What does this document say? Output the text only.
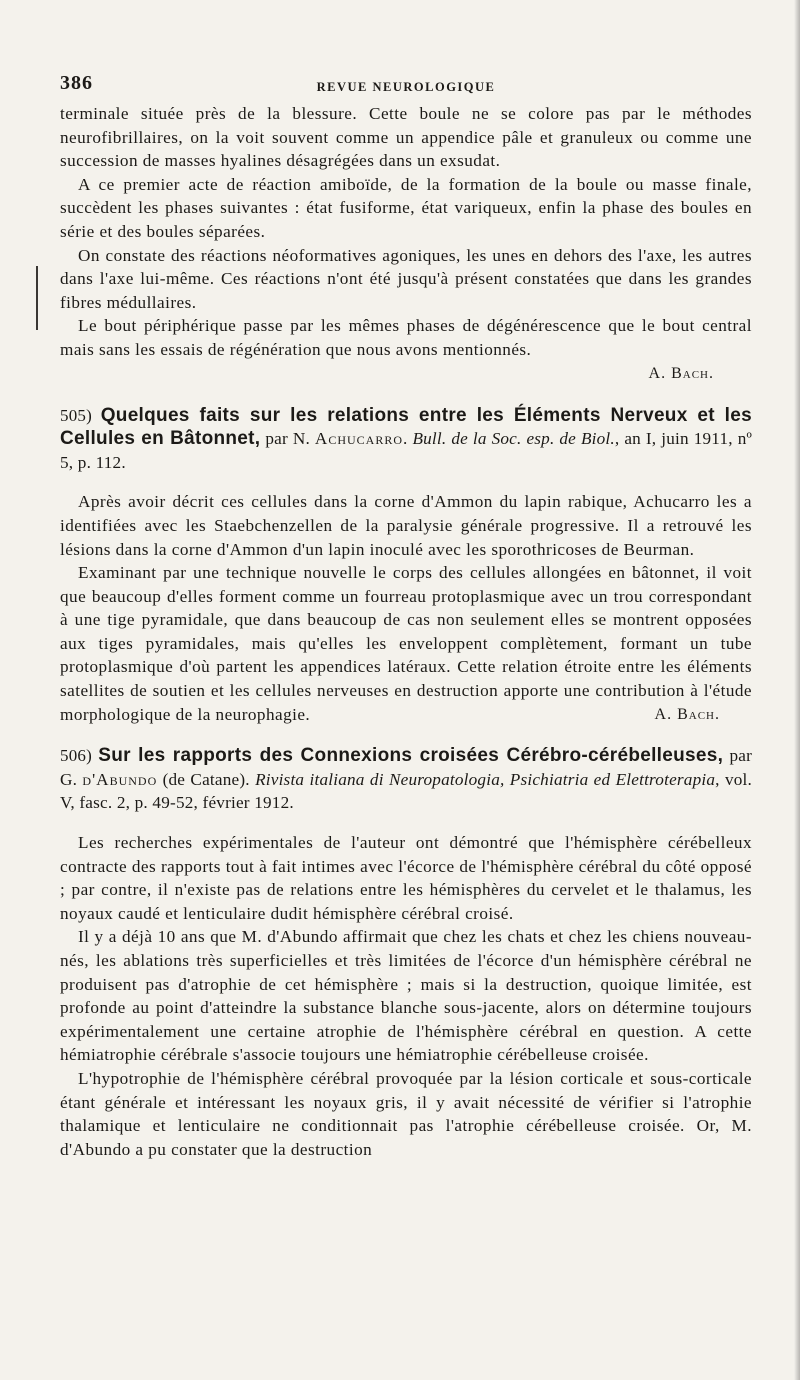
386	REVUE NEUROLOGIQUE

terminale située près de la blessure. Cette boule ne se colore pas par le méthodes neurofibrillaires, on la voit souvent comme un appendice pâle et granuleux ou comme une succession de masses hyalines désagrégées dans un exsudat.

A ce premier acte de réaction amiboïde, de la formation de la boule ou masse finale, succèdent les phases suivantes : état fusiforme, état variqueux, enfin la phase des boules en série et des boules séparées.

On constate des réactions néoformatives agoniques, les unes en dehors des l'axe, les autres dans l'axe lui-même. Ces réactions n'ont été jusqu'à présent constatées que dans les grandes fibres médullaires.

Le bout périphérique passe par les mêmes phases de dégénérescence que le bout central mais sans les essais de régénération que nous avons mentionnés.

A. Bach.
505) Quelques faits sur les relations entre les Éléments Nerveux et les Cellules en Bâtonnet, par N. Achucarro. Bull. de la Soc. esp. de Biol., an I, juin 1911, nº 5, p. 112.

Après avoir décrit ces cellules dans la corne d'Ammon du lapin rabique, Achucarro les a identifiées avec les Staebchenzellen de la paralysie générale progressive. Il a retrouvé les lésions dans la corne d'Ammon d'un lapin inoculé avec les sporothricoses de Beurman.

Examinant par une technique nouvelle le corps des cellules allongées en bâtonnet, il voit que beaucoup d'elles forment comme un fourreau protoplasmique avec un trou correspondant à une tige pyramidale, que dans beaucoup de cas non seulement elles se montrent opposées aux tiges pyramidales, mais qu'elles les enveloppent complètement, formant un tube protoplasmique d'où partent les appendices latéraux. Cette relation étroite entre les éléments satellites de soutien et les cellules nerveuses en destruction apporte une contribution à l'étude morphologique de la neurophagie.	A. Bach.

506) Sur les rapports des Connexions croisées Cérébro-cérébelleuses, par G. d'Abundo (de Catane). Rivista italiana di Neuropatologia, Psichiatria ed Elettroterapia, vol. V, fasc. 2, p. 49-52, février 1912.

Les recherches expérimentales de l'auteur ont démontré que l'hémisphère cérébelleux contracte des rapports tout à fait intimes avec l'écorce de l'hémisphère cérébral du côté opposé ; par contre, il n'existe pas de relations entre les hémisphères du cervelet et le thalamus, les noyaux caudé et lenticulaire dudit hémisphère cérébral croisé.

Il y a déjà 10 ans que M. d'Abundo affirmait que chez les chats et chez les chiens nouveau-nés, les ablations très superficielles et très limitées de l'écorce d'un hémisphère cérébral ne produisent pas d'atrophie de cet hémisphère ; mais si la destruction, quoique limitée, est profonde au point d'atteindre la substance blanche sous-jacente, alors on détermine toujours expérimentalement une certaine atrophie de l'hémisphère cérébral en question. A cette hémiatrophie cérébrale s'associe toujours une hémiatrophie cérébelleuse croisée.

L'hypotrophie de l'hémisphère cérébral provoquée par la lésion corticale et sous-corticale étant générale et intéressant les noyaux gris, il y avait nécessité de vérifier si l'atrophie thalamique et lenticulaire ne conditionnait pas l'atrophie cérébelleuse croisée. Or, M. d'Abundo a pu constater que la destruction
